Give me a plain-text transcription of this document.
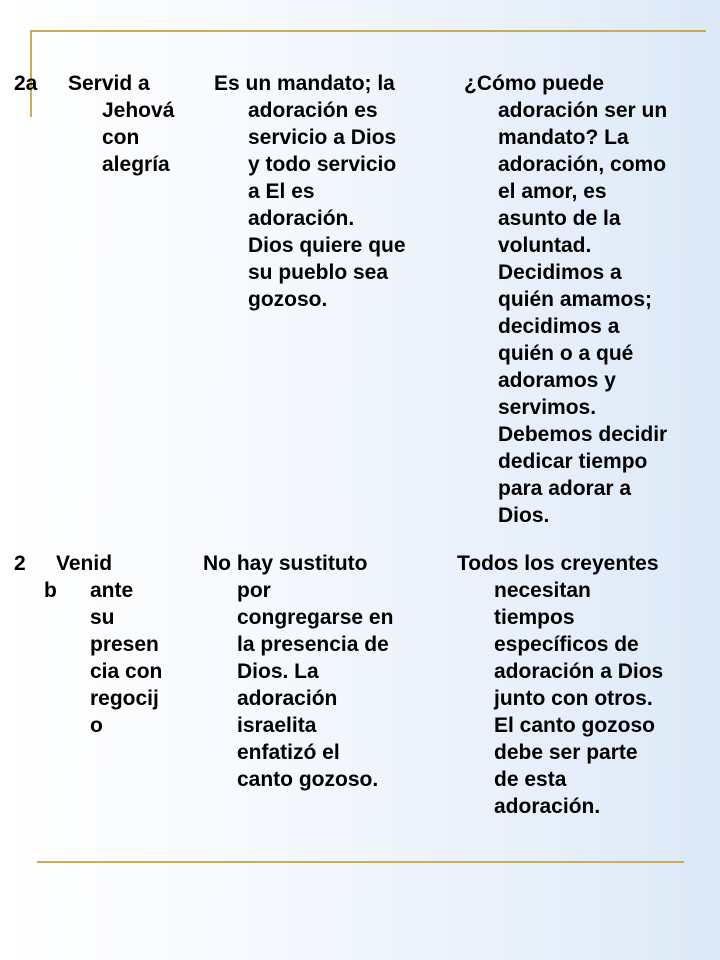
2a Servid a
Jehová
con
alegría
Es un mandato; la
adoración es
servicio a Dios
y todo servicio
a El es
adoración.
Dios quiere que
su pueblo sea
gozoso.
¿Cómo puede
adoración ser un
mandato? La
adoración, como
el amor, es
asunto de la
voluntad.
Decidimos a
quién amamos;
decidimos a
quién o a qué
adoramos y
servimos.
Debemos decidir
dedicar tiempo
para adorar a
Dios.
2
b
Venid
ante
su
presen
cia con
regocij
o
No hay sustituto
por
congregarse en
la presencia de
Dios. La
adoración
israelita
enfatizó el
canto gozoso.
Todos los creyentes
necesitan
tiempos
específicos de
adoración a Dios
junto con otros.
El canto gozoso
debe ser parte
de esta
adoración.
